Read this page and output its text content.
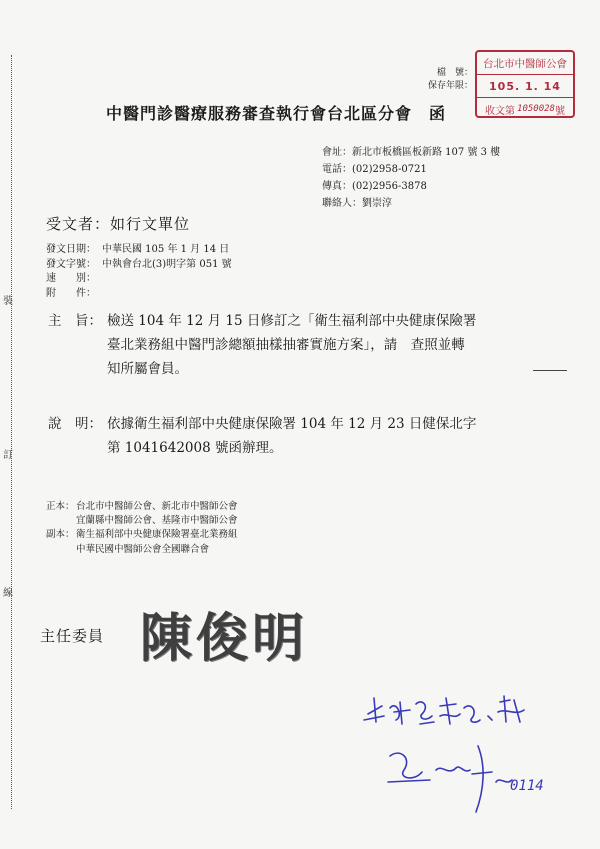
裝
訂
線
檔　號：
保存年限：
台北市中醫師公會
105. 1. 14
收文第 1050028 號
中醫門診醫療服務審查執行會台北區分會　函
會址：新北市板橋區板新路 107 號 3 樓
電話：(02)2958-0721
傳真：(02)2956-3878
聯絡人：劉崇淳
受文者：如行文單位
發文日期： 中華民國 105 年 1 月 14 日
發文字號： 中執會台北(3)明字第 051 號
速　　別：
附　　件：
主　旨： 檢送 104 年 12 月 15 日修訂之「衛生福利部中央健康保險署

臺北業務組中醫門診總額抽樣抽審實施方案」，請　查照並轉

知所屬會員。

說　明： 依據衛生福利部中央健康保險署 104 年 12 月 23 日健保北字

第 1041642008 號函辦理。

正本：台北市中醫師公會、新北市中醫師公會
宜蘭縣中醫師公會、基隆市中醫師公會
副本：衛生福利部中央健康保險署臺北業務組
中華民國中醫師公會全國聯合會
主任委員 陳俊明
0114
